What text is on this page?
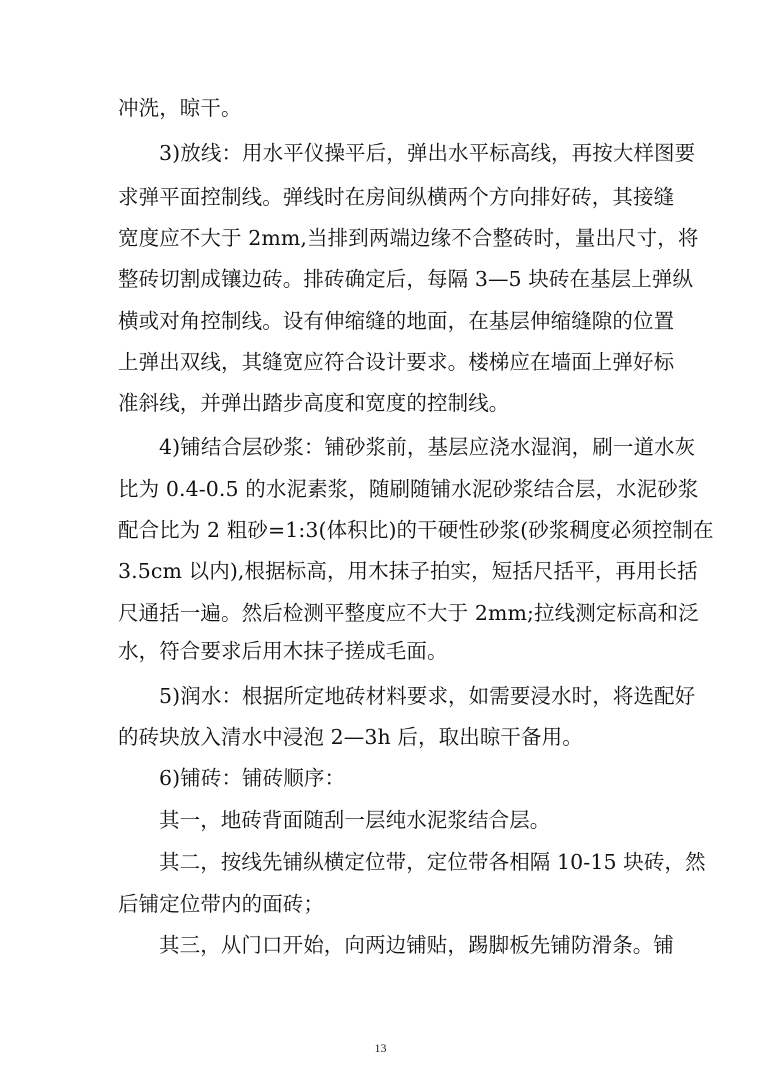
冲洗，晾干。
3)放线：用水平仪操平后，弹出水平标高线，再按大样图要
求弹平面控制线。弹线时在房间纵横两个方向排好砖，其接缝
宽度应不大于 2mm,当排到两端边缘不合整砖时，量出尺寸，将
整砖切割成镶边砖。排砖确定后，每隔 3—5 块砖在基层上弹纵
横或对角控制线。设有伸缩缝的地面，在基层伸缩缝隙的位置
上弹出双线，其缝宽应符合设计要求。楼梯应在墙面上弹好标
准斜线，并弹出踏步高度和宽度的控制线。
4)铺结合层砂浆：铺砂浆前，基层应浇水湿润，刷一道水灰
比为 0.4-0.5 的水泥素浆，随刷随铺水泥砂浆结合层，水泥砂浆
配合比为 2 粗砂=1:3(体积比)的干硬性砂浆(砂浆稠度必须控制在
3.5cm 以内),根据标高，用木抹子拍实，短括尺括平，再用长括
尺通括一遍。然后检测平整度应不大于 2mm;拉线测定标高和泛
水，符合要求后用木抹子搓成毛面。
5)润水：根据所定地砖材料要求，如需要浸水时，将选配好
的砖块放入清水中浸泡 2—3h 后，取出晾干备用。
6)铺砖：铺砖顺序：
其一，地砖背面随刮一层纯水泥浆结合层。
其二，按线先铺纵横定位带，定位带各相隔 10-15 块砖，然
后铺定位带内的面砖；
其三，从门口开始，向两边铺贴，踢脚板先铺防滑条。铺
13
